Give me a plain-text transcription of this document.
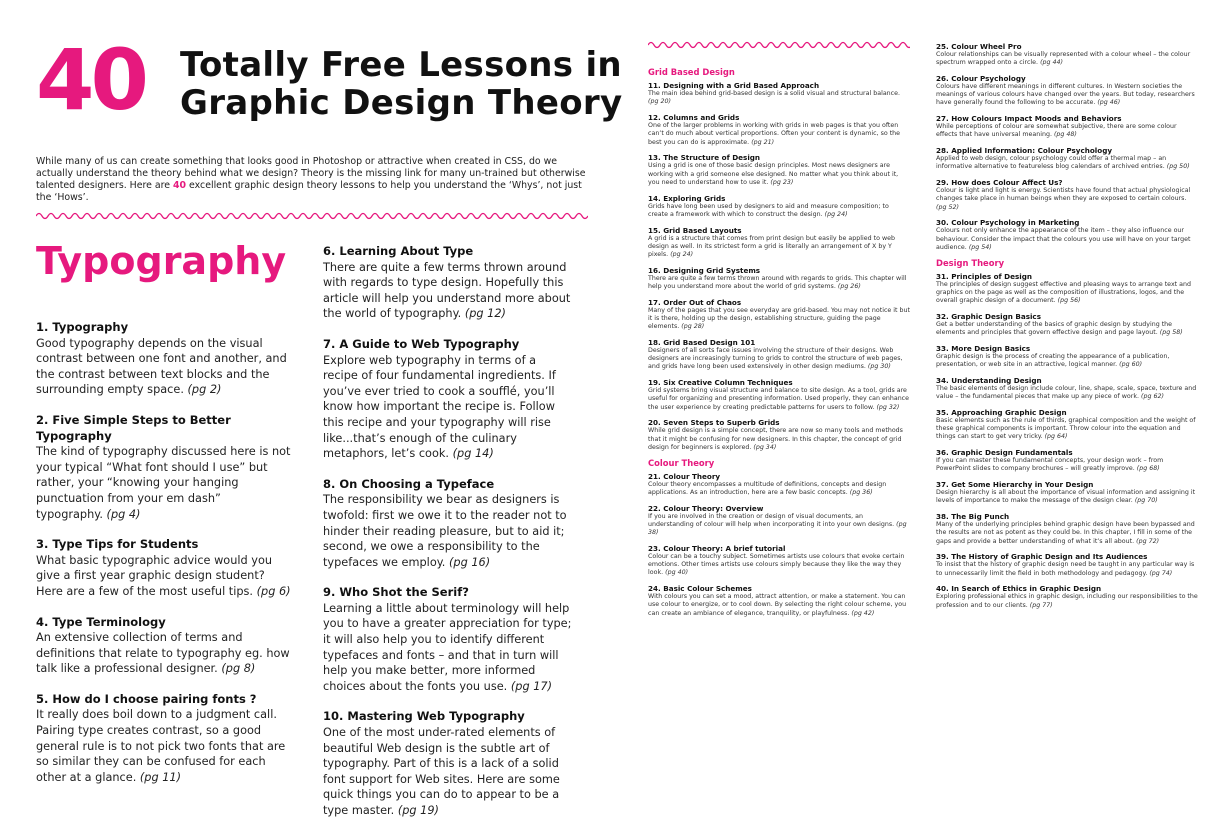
40 Totally Free Lessons in
Graphic Design Theory
While many of us can create something that looks good in Photoshop or attractive when created in CSS, do we actually understand the theory behind what we design? Theory is the missing link for many un-trained but otherwise talented designers. Here are 40 excellent graphic design theory lessons to help you understand the ‘Whys’, not just the ‘Hows’.
Typography
1. Typography
Good typography depends on the visual contrast between one font and another, and the contrast between text blocks and the surrounding empty space. (pg 2)
2. Five Simple Steps to Better Typography
The kind of typography discussed here is not your typical “What font should I use” but rather, your “knowing your hanging punctuation from your em dash” typography. (pg 4)
3. Type Tips for Students
What basic typographic advice would you give a first year graphic design student? Here are a few of the most useful tips. (pg 6)
4. Type Terminology
An extensive collection of terms and definitions that relate to typography eg. how talk like a professional designer. (pg 8)
5. How do I choose pairing fonts ?
It really does boil down to a judgment call. Pairing type creates contrast, so a good general rule is to not pick two fonts that are so similar they can be confused for each other at a glance. (pg 11)
6. Learning About Type
There are quite a few terms thrown around with regards to type design. Hopefully this article will help you understand more about the world of typography. (pg 12)
7. A Guide to Web Typography
Explore web typography in terms of a recipe of four fundamental ingredients. If you’ve ever tried to cook a soufflé, you’ll know how important the recipe is. Follow this recipe and your typography will rise like...that’s enough of the culinary metaphors, let’s cook. (pg 14)
8. On Choosing a Typeface
The responsibility we bear as designers is twofold: first we owe it to the reader not to hinder their reading pleasure, but to aid it; second, we owe a responsibility to the typefaces we employ. (pg 16)
9. Who Shot the Serif?
Learning a little about terminology will help you to have a greater appreciation for type; it will also help you to identify different typefaces and fonts – and that in turn will help you make better, more informed choices about the fonts you use. (pg 17)
10. Mastering Web Typography
One of the most under-rated elements of beautiful Web design is the subtle art of typography. Part of this is a lack of a solid font support for Web sites. Here are some quick things you can do to appear to be a type master. (pg 19)
Grid Based Design
11. Designing with a Grid Based Approach
The main idea behind grid-based design is a solid visual and structural balance. (pg 20)
12. Columns and Grids
One of the larger problems in working with grids in web pages is that you often can’t do much about vertical proportions. Often your content is dynamic, so the best you can do is approximate. (pg 21)
13. The Structure of Design
Using a grid is one of those basic design principles. Most news designers are working with a grid someone else designed. No matter what you think about it, you need to understand how to use it. (pg 23)
14. Exploring Grids
Grids have long been used by designers to aid and measure composition; to create a framework with which to construct the design. (pg 24)
15. Grid Based Layouts
A grid is a structure that comes from print design but easily be applied to web design as well. In its strictest form a grid is literally an arrangement of X by Y pixels. (pg 24)
16. Designing Grid Systems
There are quite a few terms thrown around with regards to grids. This chapter will help you understand more about the world of grid systems. (pg 26)
17. Order Out of Chaos
Many of the pages that you see everyday are grid-based. You may not notice it but it is there, holding up the design, establishing structure, guiding the page elements. (pg 28)
18. Grid Based Design 101
Designers of all sorts face issues involving the structure of their designs. Web designers are increasingly turning to grids to control the structure of web pages, and grids have long been used extensively in other design mediums. (pg 30)
19. Six Creative Column Techniques
Grid systems bring visual structure and balance to site design. As a tool, grids are useful for organizing and presenting information. Used properly, they can enhance the user experience by creating predictable patterns for users to follow. (pg 32)
20. Seven Steps to Superb Grids
While grid design is a simple concept, there are now so many tools and methods that it might be confusing for new designers. In this chapter, the concept of grid design for beginners is explored. (pg 34)
Colour Theory
21. Colour Theory
Colour theory encompasses a multitude of definitions, concepts and design applications. As an introduction, here are a few basic concepts. (pg 36)
22. Colour Theory: Overview
If you are involved in the creation or design of visual documents, an understanding of colour will help when incorporating it into your own designs. (pg 38)
23. Colour Theory: A brief tutorial
Colour can be a touchy subject. Sometimes artists use colours that evoke certain emotions. Other times artists use colours simply because they like the way they look. (pg 40)
24. Basic Colour Schemes
With colours you can set a mood, attract attention, or make a statement. You can use colour to energize, or to cool down. By selecting the right colour scheme, you can create an ambiance of elegance, tranquility, or playfulness. (pg 42)
25. Colour Wheel Pro
Colour relationships can be visually represented with a colour wheel – the colour spectrum wrapped onto a circle. (pg 44)
26. Colour Psychology
Colours have different meanings in different cultures. In Western societies the meanings of various colours have changed over the years. But today, researchers have generally found the following to be accurate. (pg 46)
27. How Colours Impact Moods and Behaviors
While perceptions of colour are somewhat subjective, there are some colour effects that have universal meaning. (pg 48)
28. Applied Information: Colour Psychology
Applied to web design, colour psychology could offer a thermal map – an informative alternative to featureless blog calendars of archived entries. (pg 50)
29. How does Colour Affect Us?
Colour is light and light is energy. Scientists have found that actual physiological changes take place in human beings when they are exposed to certain colours. (pg 52)
30. Colour Psychology in Marketing
Colours not only enhance the appearance of the item – they also influence our behaviour. Consider the impact that the colours you use will have on your target audience. (pg 54)
Design Theory
31. Principles of Design
The principles of design suggest effective and pleasing ways to arrange text and graphics on the page as well as the composition of illustrations, logos, and the overall graphic design of a document. (pg 56)
32. Graphic Design Basics
Get a better understanding of the basics of graphic design by studying the elements and principles that govern effective design and page layout. (pg 58)
33. More Design Basics
Graphic design is the process of creating the appearance of a publication, presentation, or web site in an attractive, logical manner. (pg 60)
34. Understanding Design
The basic elements of design include colour, line, shape, scale, space, texture and value – the fundamental pieces that make up any piece of work. (pg 62)
35. Approaching Graphic Design
Basic elements such as the rule of thirds, graphical composition and the weight of these graphical components is important. Throw colour into the equation and things can start to get very tricky. (pg 64)
36. Graphic Design Fundamentals
If you can master these fundamental concepts, your design work – from PowerPoint slides to company brochures – will greatly improve. (pg 68)
37. Get Some Hierarchy in Your Design
Design hierarchy is all about the importance of visual information and assigning it levels of importance to make the message of the design clear. (pg 70)
38. The Big Punch
Many of the underlying principles behind graphic design have been bypassed and the results are not as potent as they could be. In this chapter, I fill in some of the gaps and provide a better understanding of what it’s all about. (pg 72)
39. The History of Graphic Design and Its Audiences
To insist that the history of graphic design need be taught in any particular way is to unnecessarily limit the field in both methodology and pedagogy. (pg 74)
40. In Search of Ethics in Graphic Design
Exploring professional ethics in graphic design, including our responsibilities to the profession and to our clients. (pg 77)
